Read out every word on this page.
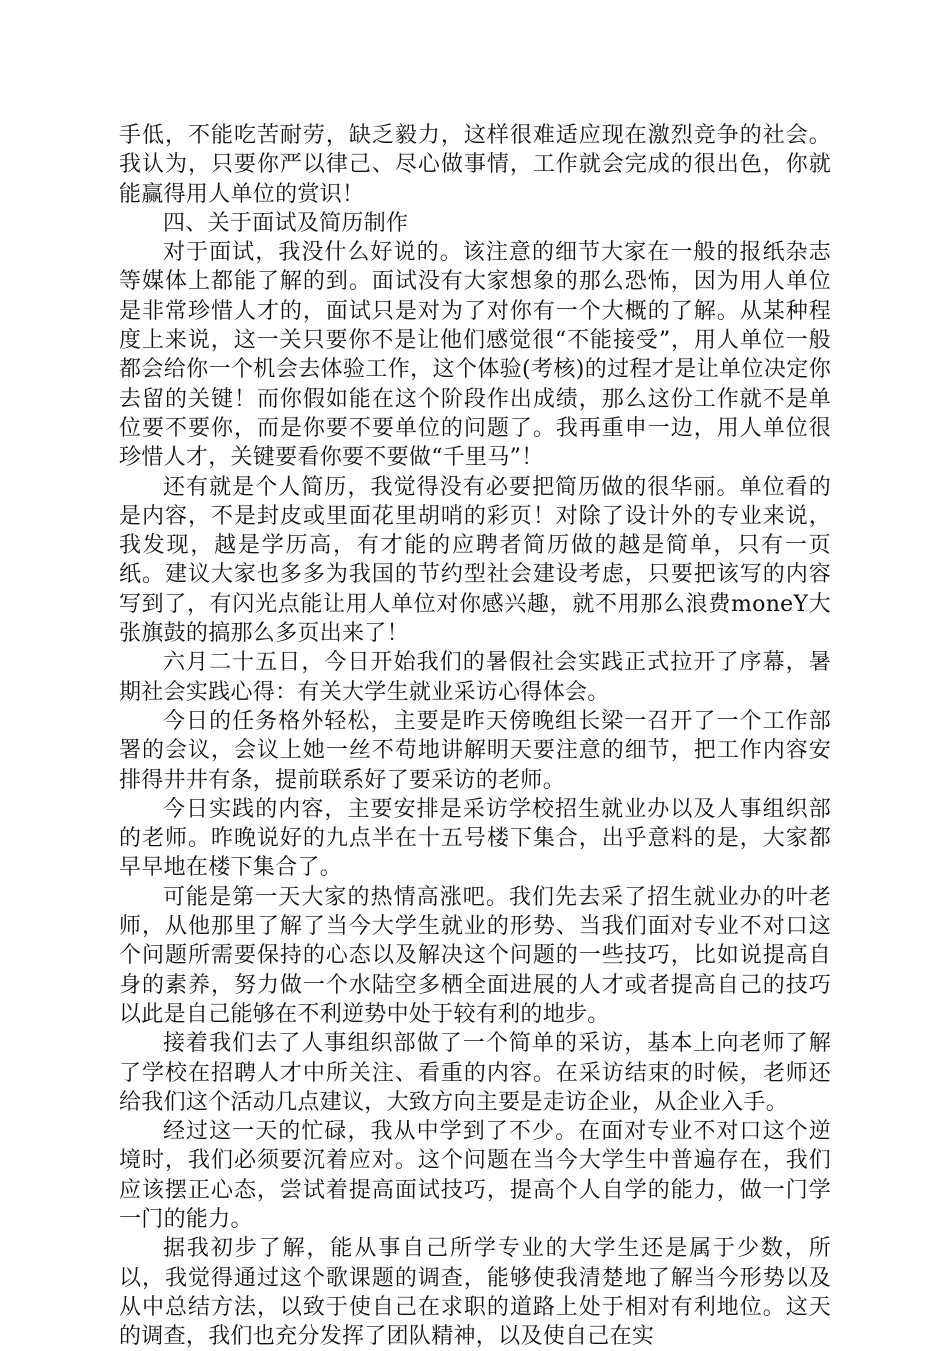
手低，不能吃苦耐劳，缺乏毅力，这样很难适应现在激烈竞争的社会。我认为，只要你严以律己、尽心做事情，工作就会完成的很出色，你就能赢得用人单位的赏识！

四、关于面试及简历制作

对于面试，我没什么好说的。该注意的细节大家在一般的报纸杂志等媒体上都能了解的到。面试没有大家想象的那么恐怖，因为用人单位是非常珍惜人才的，面试只是对为了对你有一个大概的了解。从某种程度上来说，这一关只要你不是让他们感觉很“不能接受”，用人单位一般都会给你一个机会去体验工作，这个体验(考核)的过程才是让单位决定你去留的关键！而你假如能在这个阶段作出成绩，那么这份工作就不是单位要不要你，而是你要不要单位的问题了。我再重申一边，用人单位很珍惜人才，关键要看你要不要做“千里马”！

还有就是个人简历，我觉得没有必要把简历做的很华丽。单位看的是内容，不是封皮或里面花里胡哨的彩页！对除了设计外的专业来说，我发现，越是学历高，有才能的应聘者简历做的越是简单，只有一页纸。建议大家也多多为我国的节约型社会建设考虑，只要把该写的内容写到了，有闪光点能让用人单位对你感兴趣，就不用那么浪费moneY大张旗鼓的搞那么多页出来了！

六月二十五日，今日开始我们的暑假社会实践正式拉开了序幕，暑期社会实践心得：有关大学生就业采访心得体会。

今日的任务格外轻松，主要是昨天傍晚组长梁一召开了一个工作部署的会议，会议上她一丝不苟地讲解明天要注意的细节，把工作内容安排得井井有条，提前联系好了要采访的老师。

今日实践的内容，主要安排是采访学校招生就业办以及人事组织部的老师。昨晚说好的九点半在十五号楼下集合，出乎意料的是，大家都早早地在楼下集合了。

可能是第一天大家的热情高涨吧。我们先去采了招生就业办的叶老师，从他那里了解了当今大学生就业的形势、当我们面对专业不对口这个问题所需要保持的心态以及解决这个问题的一些技巧，比如说提高自身的素养，努力做一个水陆空多栖全面进展的人才或者提高自己的技巧以此是自己能够在不利逆势中处于较有利的地步。

接着我们去了人事组织部做了一个简单的采访，基本上向老师了解了学校在招聘人才中所关注、看重的内容。在采访结束的时候，老师还给我们这个活动几点建议，大致方向主要是走访企业，从企业入手。

经过这一天的忙碌，我从中学到了不少。在面对专业不对口这个逆境时，我们必须要沉着应对。这个问题在当今大学生中普遍存在，我们应该摆正心态，尝试着提高面试技巧，提高个人自学的能力，做一门学一门的能力。

据我初步了解，能从事自己所学专业的大学生还是属于少数，所以，我觉得通过这个歌课题的调查，能够使我清楚地了解当今形势以及从中总结方法，以致于使自己在求职的道路上处于相对有利地位。这天的调查，我们也充分发挥了团队精神，以及使自己在实
